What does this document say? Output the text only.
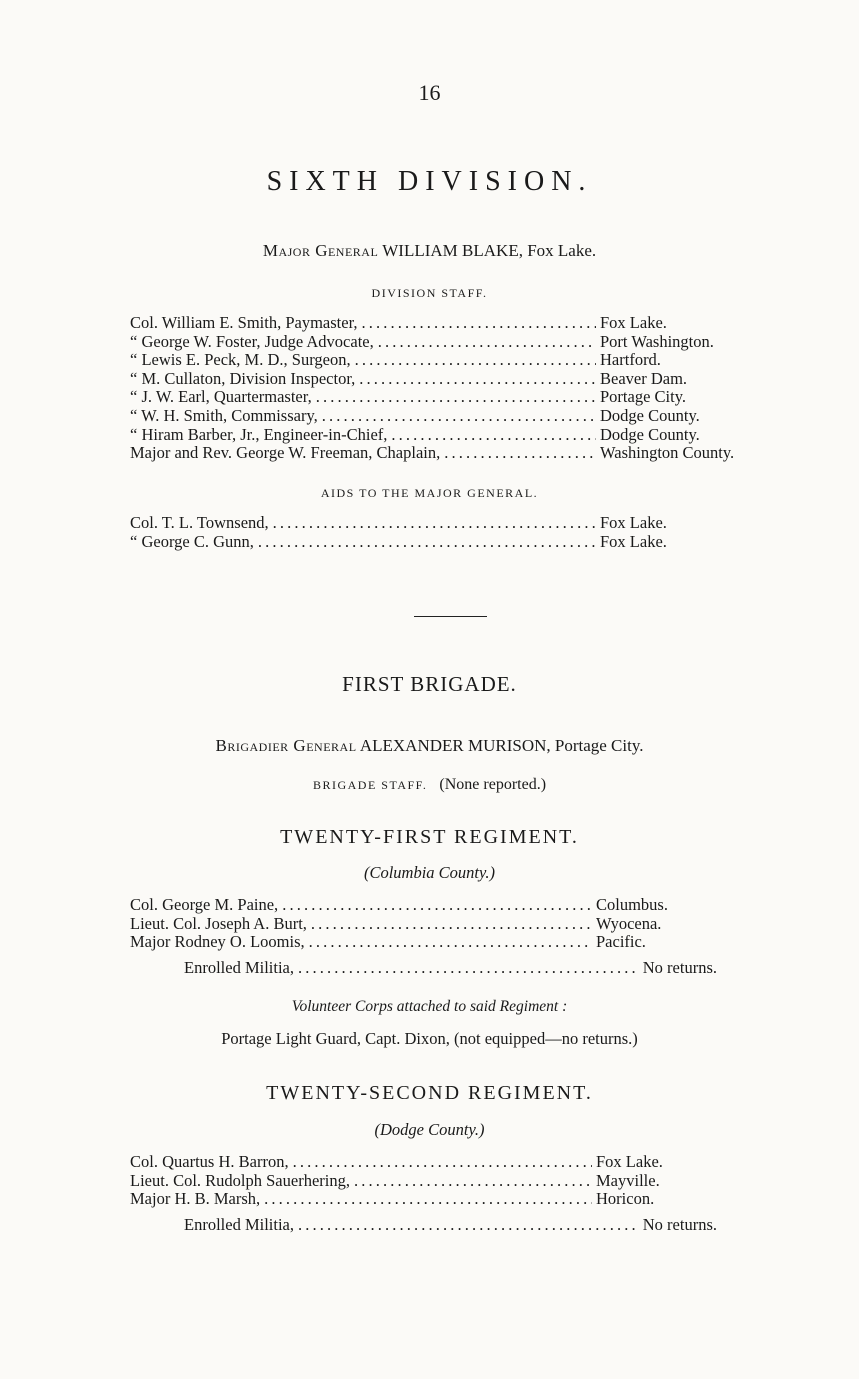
16
SIXTH DIVISION.
Major General WILLIAM BLAKE, Fox Lake.
DIVISION STAFF.
Col. William E. Smith, Paymaster, . . .	Fox Lake.
“ George W. Foster, Judge Advocate, . . .	Port Washington.
“ Lewis E. Peck, M. D., Surgeon, . . .	Hartford.
“ M. Cullaton, Division Inspector, . . .	Beaver Dam.
“ J. W. Earl, Quartermaster, . . .	Portage City.
“ W. H. Smith, Commissary, . . .	Dodge County.
“ Hiram Barber, Jr., Engineer-in-Chief, . . .	Dodge County.
Major and Rev. George W. Freeman, Chaplain, . . .	Washington County.
AIDS TO THE MAJOR GENERAL.
Col. T. L. Townsend, . . .	Fox Lake.
“ George C. Gunn, . . .	Fox Lake.
FIRST BRIGADE.
Brigadier General ALEXANDER MURISON, Portage City.
BRIGADE STAFF. (None reported.)
TWENTY-FIRST REGIMENT.
(Columbia County.)
Col. George M. Paine, . . .	Columbus.
Lieut. Col. Joseph A. Burt, . . .	Wyocena.
Major Rodney O. Loomis, . . .	Pacific.
Enrolled Militia, . . .	No returns.
Volunteer Corps attached to said Regiment :
Portage Light Guard, Capt. Dixon, (not equipped—no returns.)
TWENTY-SECOND REGIMENT.
(Dodge County.)
Col. Quartus H. Barron, . . .	Fox Lake.
Lieut. Col. Rudolph Sauerhering, . . .	Mayville.
Major H. B. Marsh, . . .	Horicon.
Enrolled Militia, . . .	No returns.
